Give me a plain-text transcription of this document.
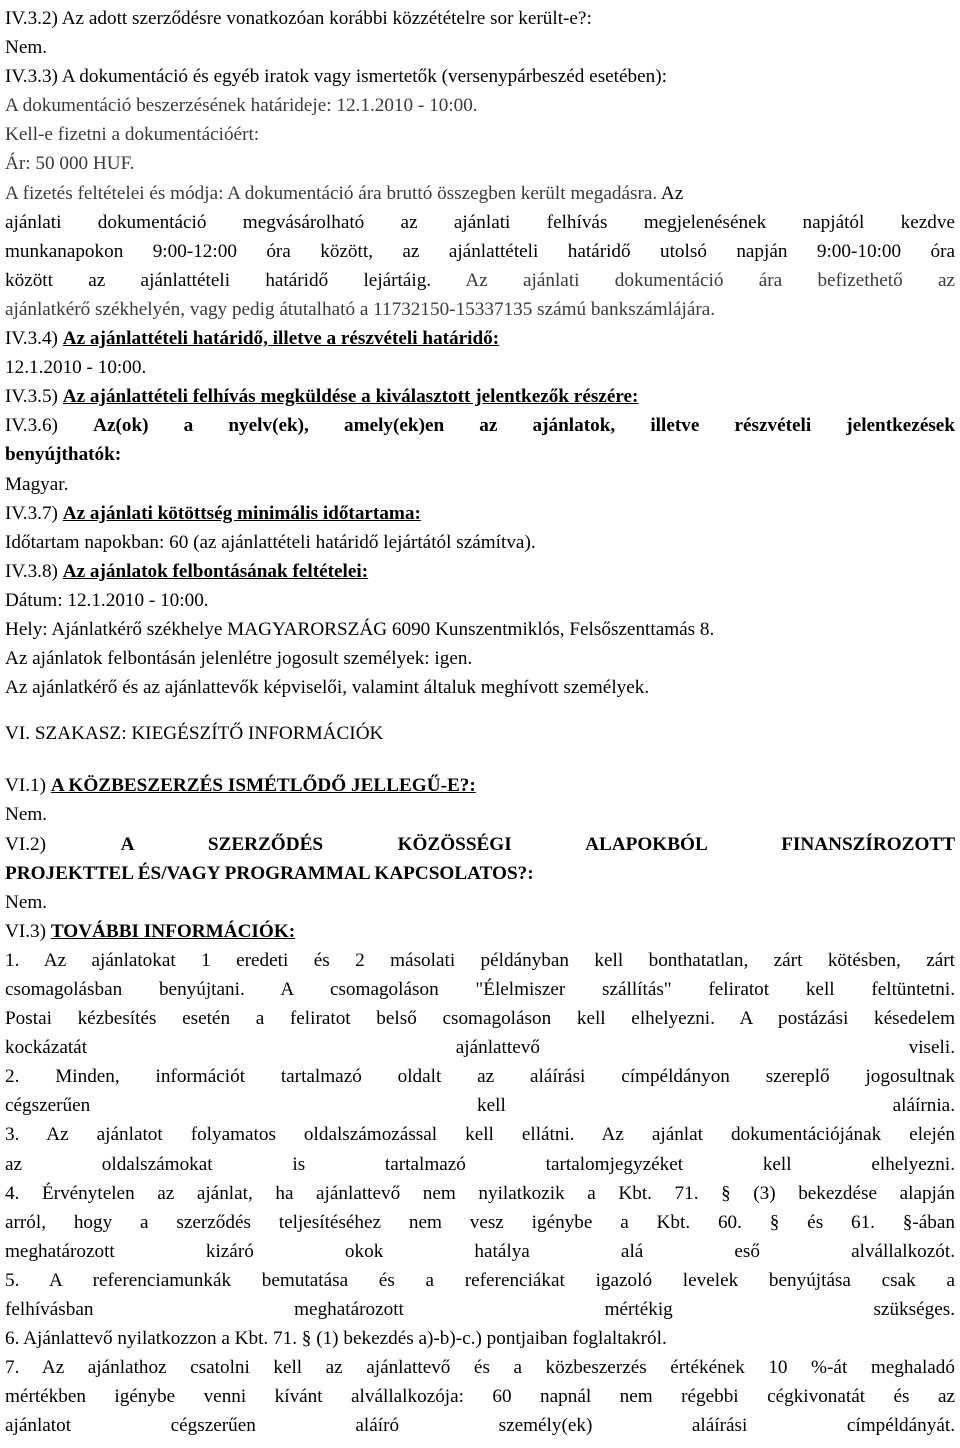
IV.3.2) Az adott szerződésre vonatkozóan korábbi közzétételre sor került-e?:
Nem.
IV.3.3) A dokumentáció és egyéb iratok vagy ismertetők (versenypárbeszéd esetében):
A dokumentáció beszerzésének határideje: 12.1.2010 - 10:00.
Kell-e fizetni a dokumentációért:
Ár: 50 000 HUF.
A fizetés feltételei és módja: A dokumentáció ára bruttó összegben került megadásra. Az
ajánlati dokumentáció megvásárolható az ajánlati felhívás megjelenésének napjától kezdve
munkanapokon 9:00-12:00 óra között, az ajánlattételi határidő utolsó napján 9:00-10:00 óra
között az ajánlattételi határidő lejártáig. Az ajánlati dokumentáció ára befizethető az
ajánlatkérő székhelyén, vagy pedig átutalható a 11732150-15337135 számú bankszámlájára.
IV.3.4) Az ajánlattételi határidő, illetve a részvételi határidő:
12.1.2010 - 10:00.
IV.3.5) Az ajánlattételi felhívás megküldése a kiválasztott jelentkezők részére:
IV.3.6) Az(ok) a nyelv(ek), amely(ek)en az ajánlatok, illetve részvételi jelentkezések
benyújthatók:
Magyar.
IV.3.7) Az ajánlati kötöttség minimális időtartama:
Időtartam napokban: 60 (az ajánlattételi határidő lejártától számítva).
IV.3.8) Az ajánlatok felbontásának feltételei:
Dátum: 12.1.2010 - 10:00.
Hely: Ajánlatkérő székhelye MAGYARORSZÁG 6090 Kunszentmiklós, Felsőszenttamás 8.
Az ajánlatok felbontásán jelenlétre jogosult személyek: igen.
Az ajánlatkérő és az ajánlattevők képviselői, valamint általuk meghívott személyek.
VI. SZAKASZ: KIEGÉSZÍTŐ INFORMÁCIÓK
VI.1) A KÖZBESZERZÉS ISMÉTLŐDŐ JELLEGŰ-E?:
Nem.
VI.2)	A SZERZŐDÉS KÖZÖSSÉGI ALAPOKBÓL FINANSZÍROZOTT
PROJEKTTEL ÉS/VAGY PROGRAMMAL KAPCSOLATOS?:
Nem.
VI.3) TOVÁBBI INFORMÁCIÓK:
1. Az ajánlatokat 1 eredeti és 2 másolati példányban kell bonthatatlan, zárt kötésben, zárt
csomagolásban benyújtani. A csomagoláson "Élelmiszer szállítás" feliratot kell feltüntetni.
Postai kézbesítés esetén a feliratot belső csomagoláson kell elhelyezni. A postázási késedelem
kockázatát ajánlattevő viseli.
2. Minden, információt tartalmazó oldalt az aláírási címpéldányon szereplő jogosultnak
cégszerűen kell aláírnia.
3. Az ajánlatot folyamatos oldalszámozással kell ellátni. Az ajánlat dokumentációjának elején
az oldalszámokat is tartalmazó tartalomjegyzéket kell elhelyezni.
4. Érvénytelen az ajánlat, ha ajánlattevő nem nyilatkozik a Kbt. 71. § (3) bekezdése alapján
arról, hogy a szerződés teljesítéséhez nem vesz igénybe a Kbt. 60. § és 61. §-ában
meghatározott kizáró okok hatálya alá eső alvállalkozót.
5. A referenciamunkák bemutatása és a referenciákat igazoló levelek benyújtása csak a
felhívásban meghatározott mértékig szükséges.
6. Ajánlattevő nyilatkozzon a Kbt. 71. § (1) bekezdés a)-b)-c.) pontjaiban foglaltakról.
7. Az ajánlathoz csatolni kell az ajánlattevő és a közbeszerzés értékének 10 %-át meghaladó
mértékben igénybe venni kívánt alvállalkozója: 60 napnál nem régebbi cégkivonatát és az
ajánlatot cégszerűen aláíró személy(ek) aláírási címpéldányát.
